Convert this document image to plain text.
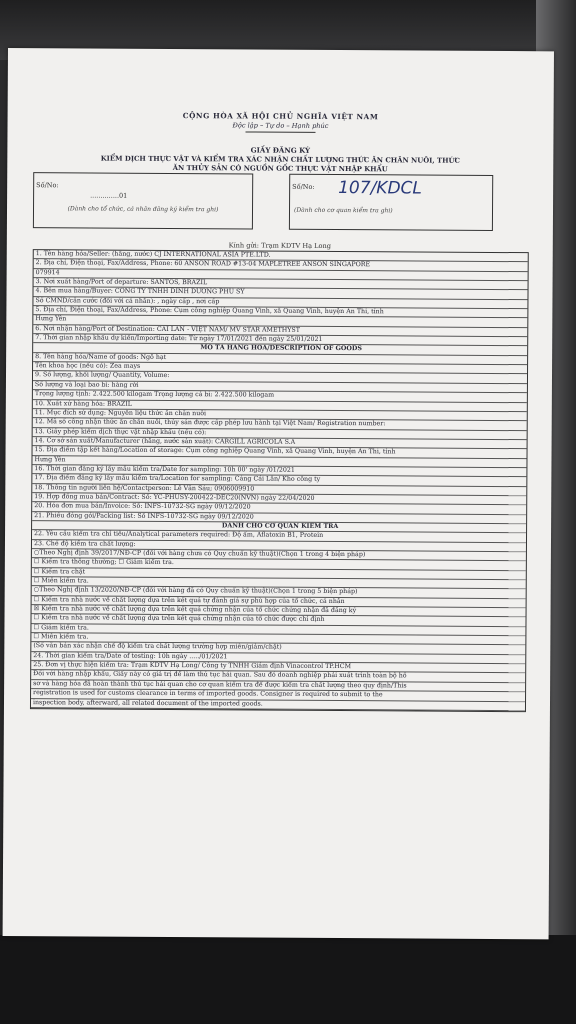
CỘNG HÒA XÃ HỘI CHỦ NGHĨA VIỆT NAM
Độc lập – Tự do – Hạnh phúc
GIẤY ĐĂNG KÝ
KIỂM DỊCH THỰC VẬT VÀ KIỂM TRA XÁC NHẬN CHẤT LƯỢNG THỨC ĂN CHĂN NUÔI, THỨC
ĂN THỦY SẢN CÓ NGUỒN GỐC THỰC VẬT NHẬP KHẨU
Số/No:
..............01
(Dành cho tổ chức, cá nhân đăng ký kiểm tra ghi)
Số/No: 107/KDCL
(Dành cho cơ quan kiểm tra ghi)
Kính gửi: Trạm KDTV Hạ Long
1. Tên hàng hóa/Seller: (hãng, nước) CJ INTERNATIONAL ASIA PTE.LTD.
2. Địa chỉ, Điện thoại, Fax/Address, Phone: 60 ANSON ROAD #13-04 MAPLETREE ANSON SINGAPORE
079914
3. Nơi xuất hàng/Port of departure: SANTOS, BRAZIL
4. Bên mua hàng/Buyer: CÔNG TY TNHH DINH DƯỠNG PHÚ SỸ
Số CMND/căn cước (đối với cá nhân): , ngày cấp , nơi cấp
5. Địa chỉ, Điện thoại, Fax/Address, Phone: Cụm công nghiệp Quang Vinh, xã Quang Vinh, huyện Ân Thi, tỉnh
Hưng Yên
6. Nơi nhận hàng/Port of Destination: CÁI LÂN - VIỆT NAM/ MV STAR AMETHYST
7. Thời gian nhập khẩu dự kiến/Importing date: Từ ngày 17/01/2021 đến ngày 25/01/2021
MÔ TẢ HÀNG HÓA/DESCRIPTION OF GOODS
8. Tên hàng hóa/Name of goods: Ngô hạt
Tên khoa học (nếu có): Zea mays
9. Số lượng, khối lượng/ Quantity, Volume:
Số lượng và loại bao bì: hàng rời
Trọng lượng tịnh: 2.422.500 kilogam Trọng lượng cả bì: 2.422.500 kilogam
10. Xuất xứ hàng hóa: BRAZIL
11. Mục đích sử dụng: Nguyên liệu thức ăn chăn nuôi
12. Mã số công nhận thức ăn chăn nuôi, thủy sản được cấp phép lưu hành tại Việt Nam/ Registration number:
13. Giấy phép kiểm dịch thực vật nhập khẩu (nếu có):
14. Cơ sở sản xuất/Manufacturer (hãng, nước sản xuất): CARGILL AGRICOLA S.A
15. Địa điểm tập kết hàng/Location of storage: Cụm công nghiệp Quang Vinh, xã Quang Vinh, huyện Ân Thi, tỉnh
Hưng Yên
16. Thời gian đăng ký lấy mẫu kiểm tra/Date for sampling: 10h 00' ngày /01/2021
17. Địa điểm đăng ký lấy mẫu kiểm tra/Location for sampling: Cảng Cái Lân/ Kho công ty
18. Thông tin người liên hệ/Contactperson: Lê Văn Sáu; 0906009910
19. Hợp đồng mua bán/Contract: Số: YC-PHUSY-200422-DEC20(NVN) ngày 22/04/2020
20. Hóa đơn mua bán/Invoice: Số: INFS-10732-SG ngày 09/12/2020
21. Phiếu đóng gói/Packing list: Số INFS-10732-SG ngày 09/12/2020
DÀNH CHO CƠ QUAN KIỂM TRA
22. Yêu cầu kiểm tra chỉ tiêu/Analytical parameters required: Độ ẩm, Aflatoxin B1, Protein
23. Chế độ kiểm tra chất lượng:
○Theo Nghị định 39/2017/NĐ-CP (đối với hàng chưa có Quy chuẩn kỹ thuật)(Chọn 1 trong 4 biện pháp)
☐ Kiểm tra thông thường; ☐ Giảm kiểm tra.
☐ Kiểm tra chặt
☐ Miễn kiểm tra.
○Theo Nghị định 13/2020/NĐ-CP (đối với hàng đã có Quy chuẩn kỹ thuật)(Chọn 1 trong 5 biện pháp)
☐ Kiểm tra nhà nước về chất lượng dựa trên kết quả tự đánh giá sự phù hợp của tổ chức, cá nhân
☒ Kiểm tra nhà nước về chất lượng dựa trên kết quả chứng nhận của tổ chức chứng nhận đã đăng ký
☐ Kiểm tra nhà nước về chất lượng dựa trên kết quả chứng nhận của tổ chức được chỉ định
☐ Giảm kiểm tra.
☐ Miễn kiểm tra.
(Số văn bản xác nhận chế độ kiểm tra chất lượng trường hợp miễn/giảm/chặt)
24. Thời gian kiểm tra/Date of testing: 10h ngày ...../01/2021
25. Đơn vị thực hiện kiểm tra: Trạm KDTV Hạ Long/ Công ty TNHH Giám định Vinacontrol TP.HCM
Đối với hàng nhập khẩu, Giấy này có giá trị để làm thủ tục hải quan. Sau đó doanh nghiệp phải xuất trình toàn bộ hồ
sơ và hàng hóa đã hoàn thành thủ tục hải quan cho cơ quan kiểm tra để được kiểm tra chất lượng theo quy định/This
registration is used for customs clearance in terms of imported goods. Consigner is required to submit to the
inspection body, afterward, all related document of the imported goods.
